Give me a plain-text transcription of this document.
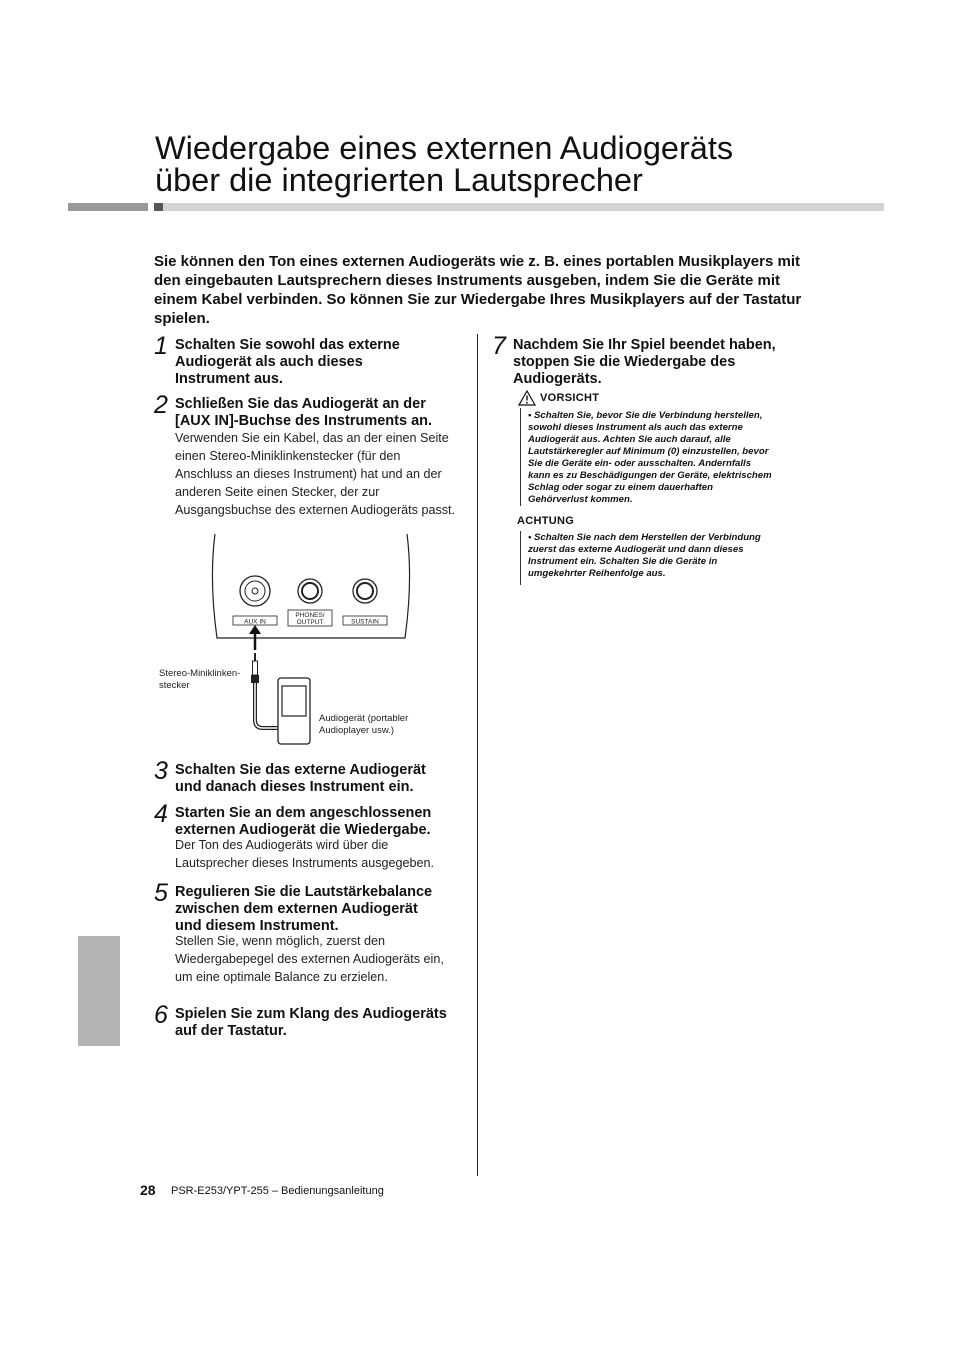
Wiedergabe eines externen Audiogeräts
über die integrierten Lautsprecher
Sie können den Ton eines externen Audiogeräts wie z. B. eines portablen Musikplayers mit den eingebauten Lautsprechern dieses Instruments ausgeben, indem Sie die Geräte mit einem Kabel verbinden. So können Sie zur Wiedergabe Ihres Musikplayers auf der Tastatur spielen.
1 Schalten Sie sowohl das externe
Audiogerät als auch dieses
Instrument aus.
2 Schließen Sie das Audiogerät an der
[AUX IN]-Buchse des Instruments an.
Verwenden Sie ein Kabel, das an der einen Seite
einen Stereo-Miniklinkenstecker (für den
Anschluss an dieses Instrument) hat und an der
anderen Seite einen Stecker, der zur
Ausgangsbuchse des externen Audiogeräts passt.
AUX IN
PHONES/
OUTPUT	SUSTAIN
Stereo-Miniklinken-
stecker
Audiogerät (portabler
Audioplayer usw.)
3 Schalten Sie das externe Audiogerät
und danach dieses Instrument ein.
4 Starten Sie an dem angeschlossenen
externen Audiogerät die Wiedergabe.
Der Ton des Audiogeräts wird über die
Lautsprecher dieses Instruments ausgegeben.
5 Regulieren Sie die Lautstärkebalance
zwischen dem externen Audiogerät
und diesem Instrument.
Stellen Sie, wenn möglich, zuerst den
Wiedergabepegel des externen Audiogeräts ein,
um eine optimale Balance zu erzielen.
6 Spielen Sie zum Klang des Audiogeräts
auf der Tastatur.
7 Nachdem Sie Ihr Spiel beendet haben,
stoppen Sie die Wiedergabe des
Audiogeräts.
VORSICHT
• Schalten Sie, bevor Sie die Verbindung herstellen,
sowohl dieses Instrument als auch das externe
Audiogerät aus. Achten Sie auch darauf, alle
Lautstärkeregler auf Minimum (0) einzustellen, bevor
Sie die Geräte ein- oder ausschalten. Andernfalls
kann es zu Beschädigungen der Geräte, elektrischem
Schlag oder sogar zu einem dauerhaften
Gehörverlust kommen.
ACHTUNG
• Schalten Sie nach dem Herstellen der Verbindung
zuerst das externe Audiogerät und dann dieses
Instrument ein. Schalten Sie die Geräte in
umgekehrter Reihenfolge aus.
28 PSR-E253/YPT-255 – Bedienungsanleitung
